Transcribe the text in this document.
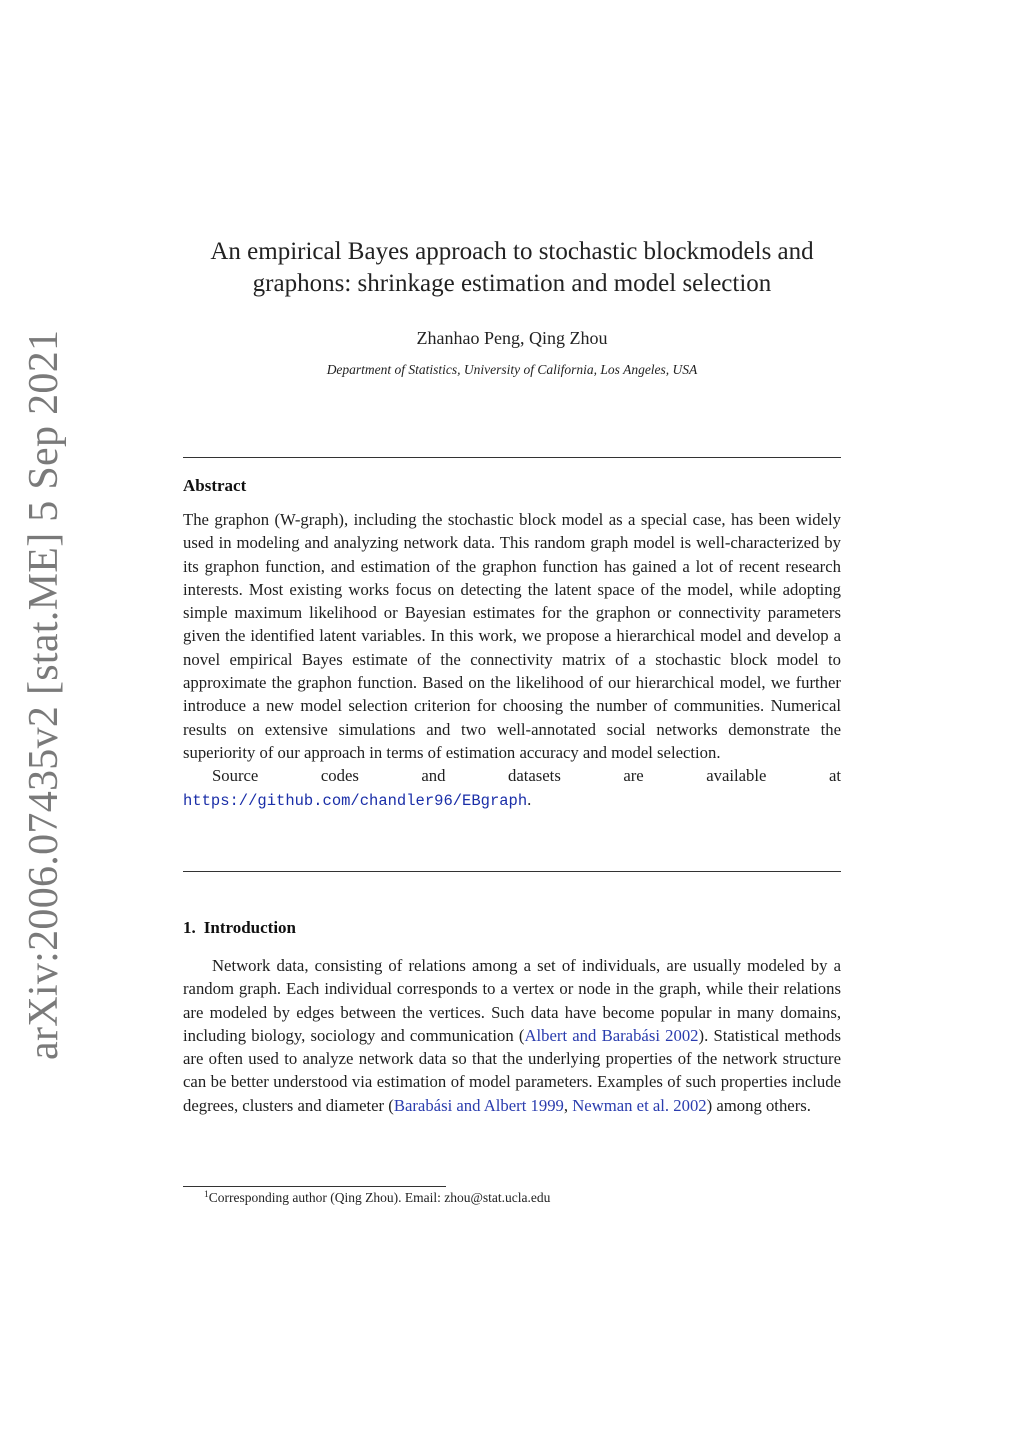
arXiv:2006.07435v2 [stat.ME] 5 Sep 2021
An empirical Bayes approach to stochastic blockmodels and
graphons: shrinkage estimation and model selection
Zhanhao Peng, Qing Zhou
Department of Statistics, University of California, Los Angeles, USA
Abstract

The graphon (W-graph), including the stochastic block model as a special case, has been widely used in modeling and analyzing network data. This random graph model is well-characterized by its graphon function, and estimation of the graphon function has gained a lot of recent research interests. Most existing works focus on detecting the latent space of the model, while adopting simple maximum likelihood or Bayesian estimates for the graphon or connectivity parameters given the identified latent variables. In this work, we propose a hierarchical model and develop a novel empirical Bayes estimate of the connectivity matrix of a stochastic block model to approximate the graphon function. Based on the likelihood of our hierarchical model, we further introduce a new model selection criterion for choosing the number of communities. Numerical results on extensive simulations and two well-annotated social networks demonstrate the superiority of our approach in terms of estimation accuracy and model selection.

Source codes and datasets are available at https://github.com/chandler96/EBgraph.

1. Introduction

Network data, consisting of relations among a set of individuals, are usually modeled by a random graph. Each individual corresponds to a vertex or node in the graph, while their relations are modeled by edges between the vertices. Such data have become popular in many domains, including biology, sociology and communication (Albert and Barabási 2002). Statistical methods are often used to analyze network data so that the underlying properties of the network structure can be better understood via estimation of model parameters. Examples of such properties include degrees, clusters and diameter (Barabási and Albert 1999, Newman et al. 2002) among others.

$^1$Corresponding author (Qing Zhou). Email: zhou@stat.ucla.edu
